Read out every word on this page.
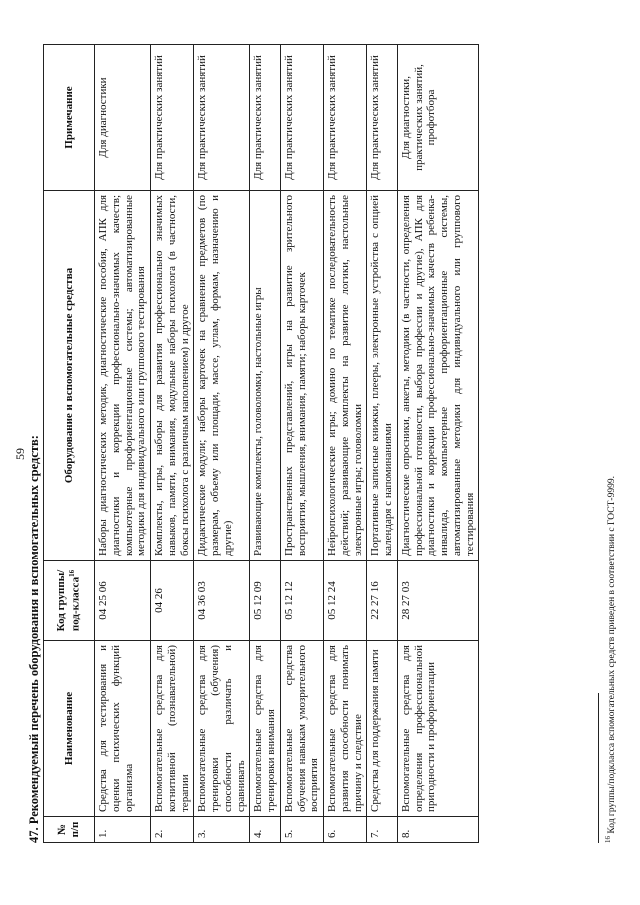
59 47. Рекомендуемый перечень оборудования и вспомогательных средств: № п/п	Наименование	Код группы/под-класса$^{16}$	Оборудование и вспомогательные средства	Примечание
1.	Средства для тестирования и оценки психических функций организма	04 25 06	Наборы диагностических методик, диагностические пособия, АПК для диагностики и коррекции профессионально-значимых качеств; компьютерные профориентационные системы; автоматизированные методики для индивидуального или группового тестирования	Для диагностики
2.	Вспомогательные средства для когнитивной (познавательной) терапии	04 26	Комплекты, игры, наборы для развития профессионально значимых навыков, памяти, внимания, модульные наборы психолога (в частности, боксы психолога с различным наполнением) и другое	Для практических занятий
3.	Вспомогательные средства для тренировки (обучения) способности различать и сравнивать	04 36 03	Дидактические модули; наборы карточек на сравнение предметов (по размерам, объему или площади, массе, углам, формам, назначению и другие)	Для практических занятий
4.	Вспомогательные средства для тренировки внимания	05 12 09	Развивающие комплекты, головоломки, настольные игры	Для практических занятий
5.	Вспомогательные средства обучения навыкам умозрительного восприятия	05 12 12	Пространственных представлений, игры на развитие зрительного восприятия, мышления, внимания, памяти; наборы карточек	Для практических занятий
6.	Вспомогательные средства для развития способности понимать причину и следствие	05 12 24	Нейропсихологические игры; домино по тематике последовательность действий; развивающие комплекты на развитие логики, настольные электронные игры; головоломки	Для практических занятий
7.	Средства для поддержания памяти	22 27 16	Портативные записные книжки, плееры, электронные устройства с опцией календаря с напоминаниями	Для практических занятий
8.	Вспомогательные средства для определения профессиональной пригодности и профориентации	28 27 03	Диагностические опросники, анкеты, методики (в частности, определения профессиональной готовности, выбора профессии и другие), АПК для диагностики и коррекции профессионально-значимых качеств ребенка-инвалида, компьютерные профориентационные системы, автоматизированные методики для индивидуального или группового тестирования	Для диагностики, практических занятий, профотбора
$^{16}$ Код группы/подкласса вспомогательных средств приведен в соответствии с ГОСТ-9999.
